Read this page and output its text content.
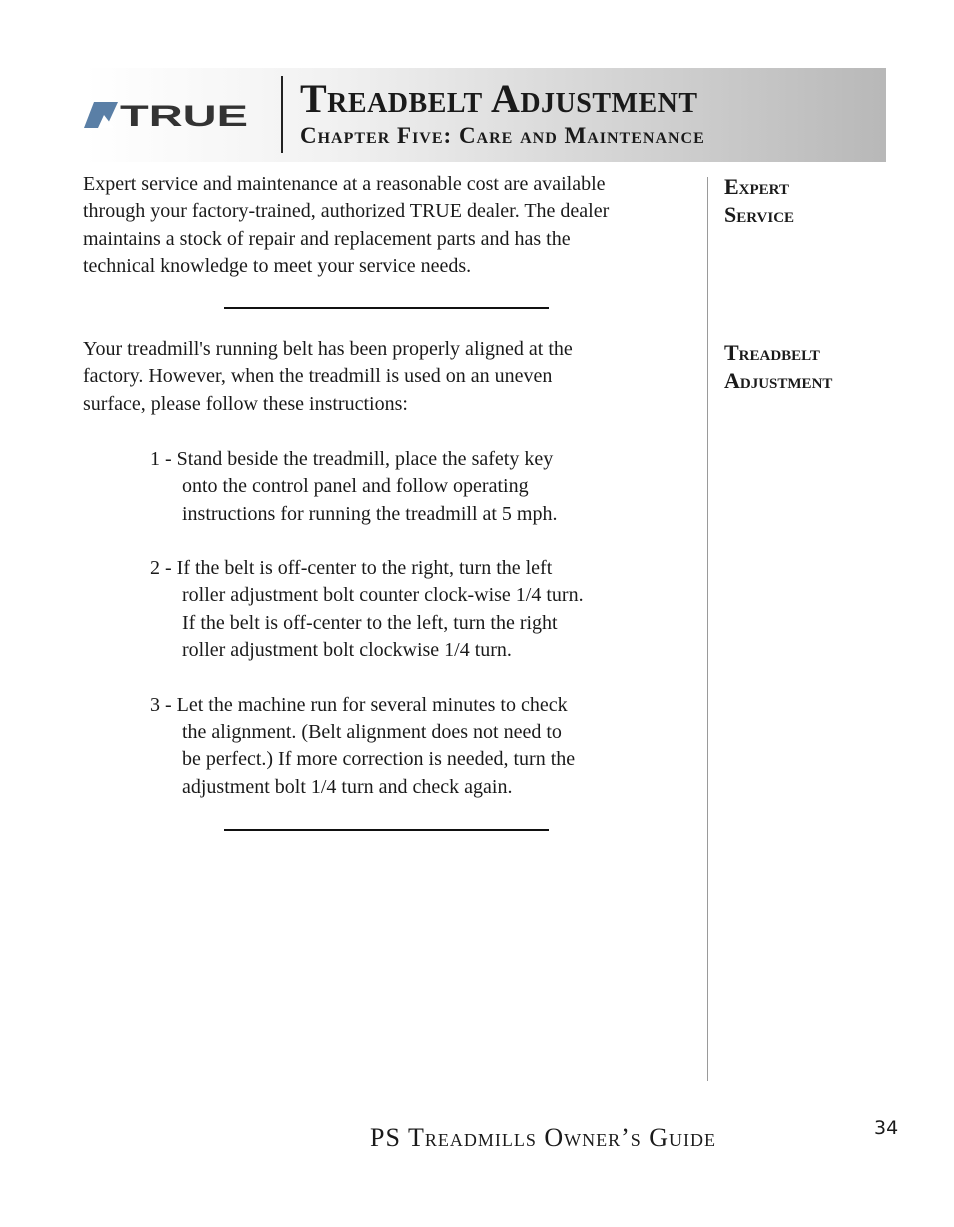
TRUE Treadbelt Adjustment
Chapter Five: Care and Maintenance

Expert service and maintenance at a reasonable cost are available
through your factory-trained, authorized TRUE dealer. The dealer
maintains a stock of repair and replacement parts and has the
technical knowledge to meet your service needs.

Expert
Service

Your treadmill's running belt has been properly aligned at the
factory. However, when the treadmill is used on an uneven
surface, please follow these instructions:

Treadbelt
Adjustment

1 - Stand beside the treadmill, place the safety key
onto the control panel and follow operating
instructions for running the treadmill at 5 mph.

2 - If the belt is off-center to the right, turn the left
roller adjustment bolt counter clock-wise 1/4 turn.
If the belt is off-center to the left, turn the right
roller adjustment bolt clockwise 1/4 turn.

3 - Let the machine run for several minutes to check
the alignment. (Belt alignment does not need to
be perfect.) If more correction is needed, turn the
adjustment bolt 1/4 turn and check again.

PS Treadmills Owner’s Guide	34
